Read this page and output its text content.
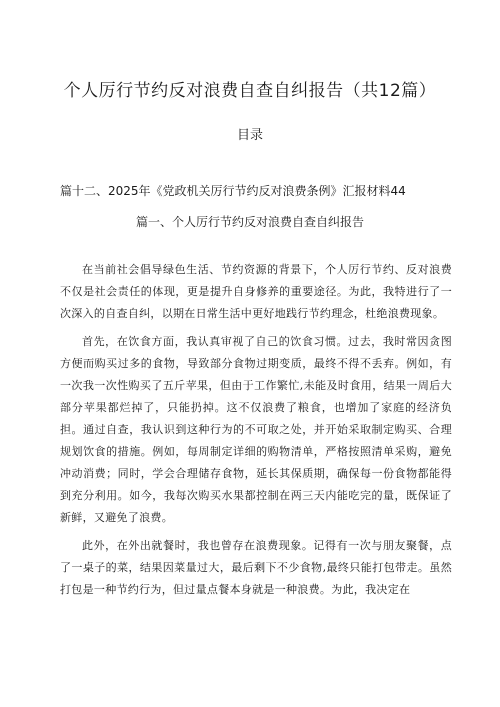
个人厉行节约反对浪费自查自纠报告（共12篇）
目录
篇十二、2025年《党政机关厉行节约反对浪费条例》汇报材料44
篇一、个人厉行节约反对浪费自查自纠报告

在当前社会倡导绿色生活、节约资源的背景下，个人厉行节约、反对浪费不仅是社会责任的体现，更是提升自身修养的重要途径。为此，我特进行了一次深入的自查自纠，以期在日常生活中更好地践行节约理念，杜绝浪费现象。

首先，在饮食方面，我认真审视了自己的饮食习惯。过去，我时常因贪图方便而购买过多的食物，导致部分食物过期变质，最终不得不丢弃。例如，有一次我一次性购买了五斤苹果，但由于工作繁忙,未能及时食用，结果一周后大部分苹果都烂掉了，只能扔掉。这不仅浪费了粮食，也增加了家庭的经济负担。通过自查，我认识到这种行为的不可取之处，并开始采取制定购买、合理规划饮食的措施。例如，每周制定详细的购物清单，严格按照清单采购，避免冲动消费；同时，学会合理储存食物，延长其保质期，确保每一份食物都能得到充分利用。如今，我每次购买水果都控制在两三天内能吃完的量，既保证了新鲜，又避免了浪费。

此外，在外出就餐时，我也曾存在浪费现象。记得有一次与朋友聚餐，点了一桌子的菜，结果因菜量过大，最后剩下不少食物,最终只能打包带走。虽然打包是一种节约行为，但过量点餐本身就是一种浪费。为此，我决定在
